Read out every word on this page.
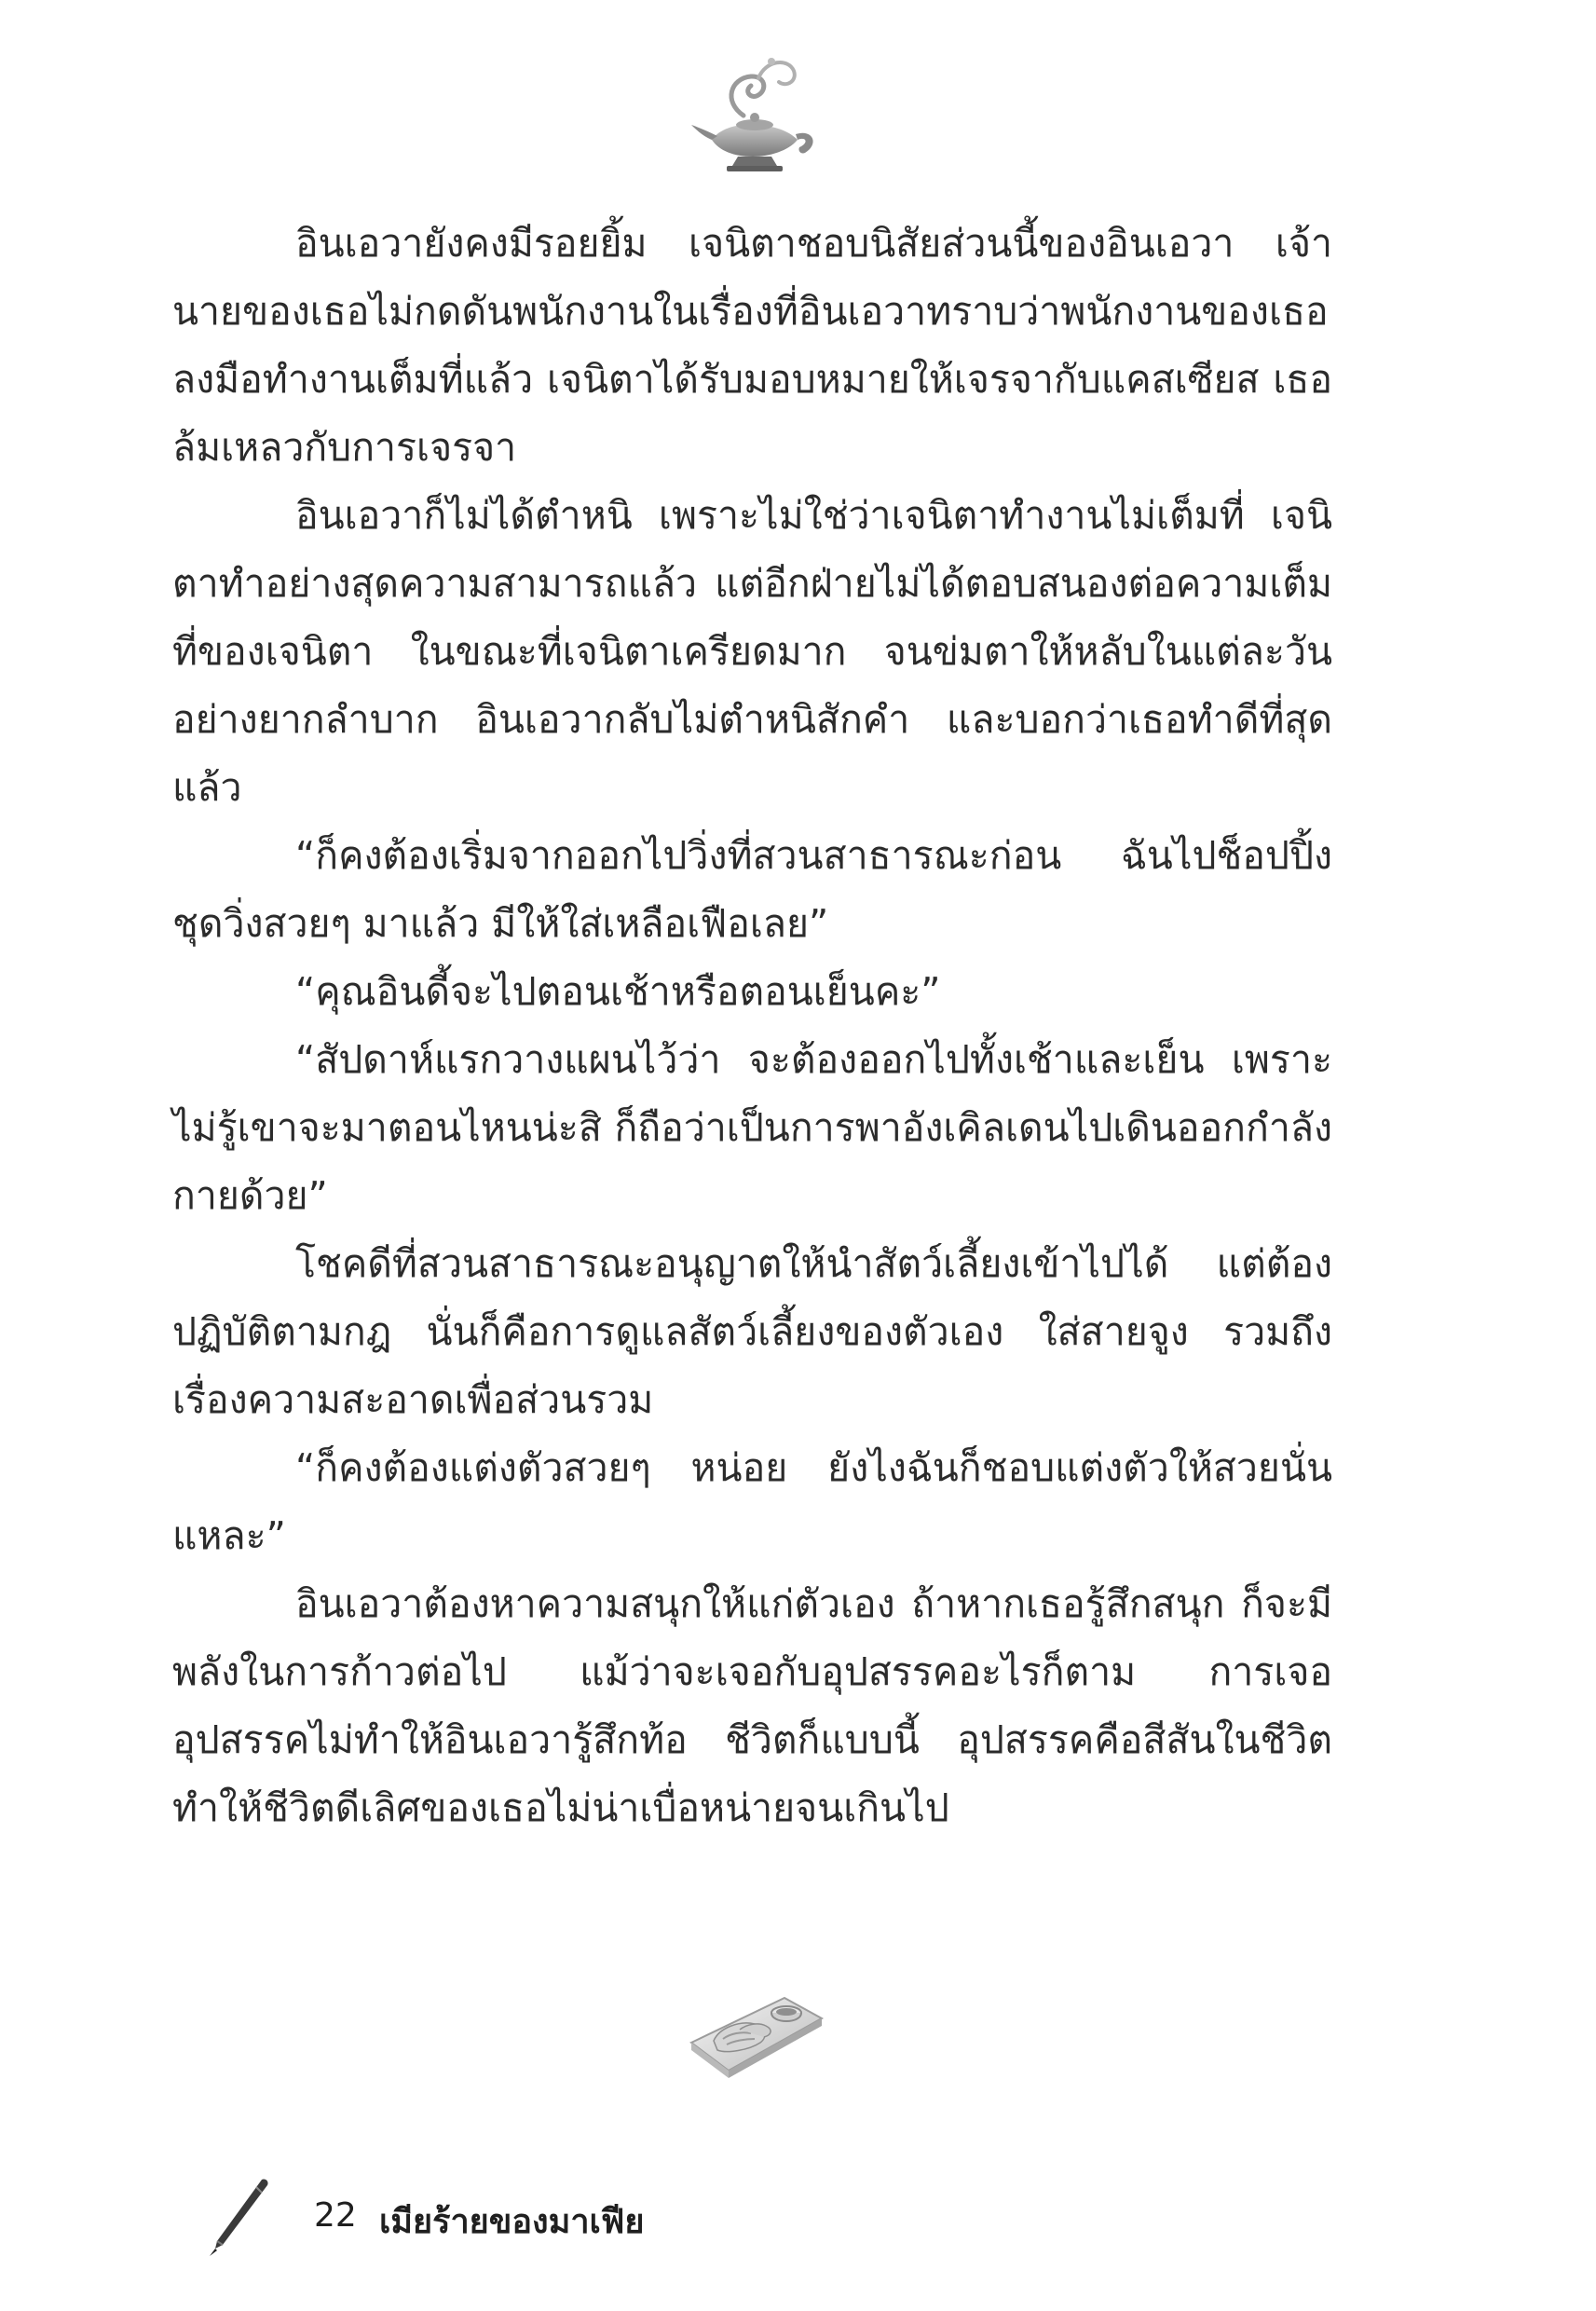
อินเอวายังคงมีรอยยิ้ม เจนิตาชอบนิสัยส่วนนี้ของอินเอวา เจ้านายของเธอไม่กดดันพนักงานในเรื่องที่อินเอวาทราบว่าพนักงานของเธอลงมือทำงานเต็มที่แล้ว เจนิตาได้รับมอบหมายให้เจรจากับแคสเซียส เธอล้มเหลวกับการเจรจา

อินเอวาก็ไม่ได้ตำหนิ เพราะไม่ใช่ว่าเจนิตาทำงานไม่เต็มที่ เจนิตาทำอย่างสุดความสามารถแล้ว แต่อีกฝ่ายไม่ได้ตอบสนองต่อความเต็มที่ของเจนิตา ในขณะที่เจนิตาเครียดมาก จนข่มตาให้หลับในแต่ละวันอย่างยากลำบาก อินเอวากลับไม่ตำหนิสักคำ และบอกว่าเธอทำดีที่สุดแล้ว

“ก็คงต้องเริ่มจากออกไปวิ่งที่สวนสาธารณะก่อน ฉันไปช็อปปิ้งชุดวิ่งสวยๆ มาแล้ว มีให้ใส่เหลือเฟือเลย”

“คุณอินดี้จะไปตอนเช้าหรือตอนเย็นคะ”

“สัปดาห์แรกวางแผนไว้ว่า จะต้องออกไปทั้งเช้าและเย็น เพราะไม่รู้เขาจะมาตอนไหนน่ะสิ ก็ถือว่าเป็นการพาอังเคิลเดนไปเดินออกกำลังกายด้วย”

โชคดีที่สวนสาธารณะอนุญาตให้นำสัตว์เลี้ยงเข้าไปได้ แต่ต้องปฏิบัติตามกฎ นั่นก็คือการดูแลสัตว์เลี้ยงของตัวเอง ใส่สายจูง รวมถึงเรื่องความสะอาดเพื่อส่วนรวม

“ก็คงต้องแต่งตัวสวยๆ หน่อย ยังไงฉันก็ชอบแต่งตัวให้สวยนั่นแหละ”

อินเอวาต้องหาความสนุกให้แก่ตัวเอง ถ้าหากเธอรู้สึกสนุก ก็จะมีพลังในการก้าวต่อไป แม้ว่าจะเจอกับอุปสรรคอะไรก็ตาม การเจออุปสรรคไม่ทำให้อินเอวารู้สึกท้อ ชีวิตก็แบบนี้ อุปสรรคคือสีสันในชีวิตทำให้ชีวิตดีเลิศของเธอไม่น่าเบื่อหน่ายจนเกินไป

22 เมียร้ายของมาเฟีย
